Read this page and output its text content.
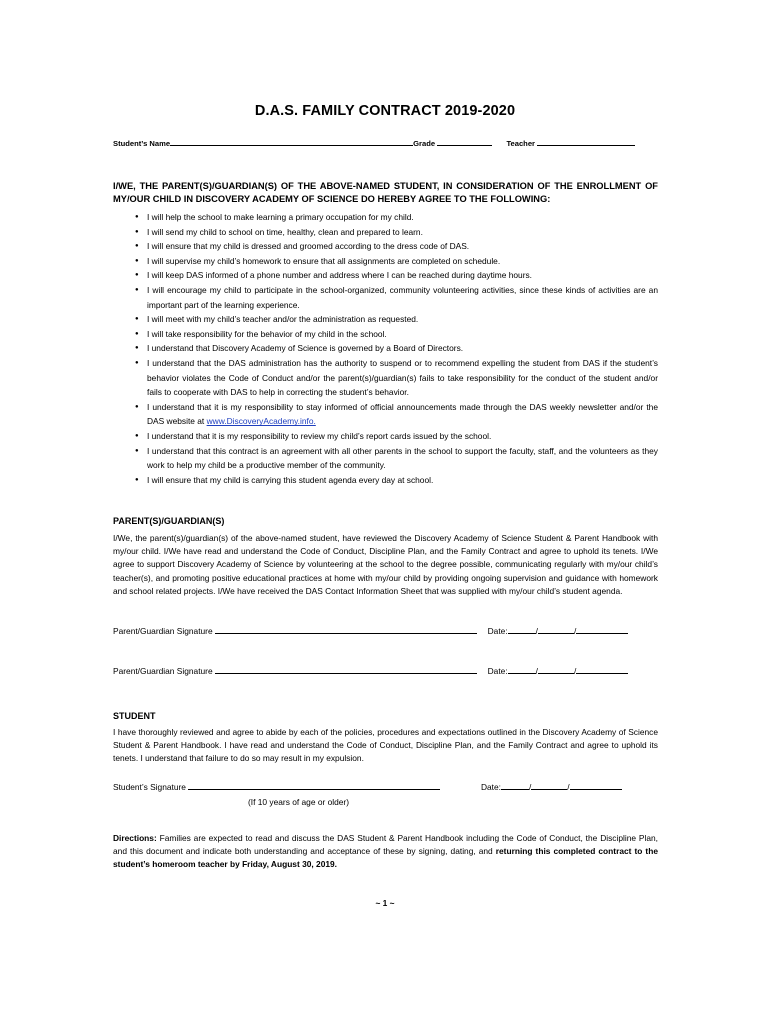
D.A.S. FAMILY CONTRACT 2019-2020
Student’s Name	Grade	Teacher
I/WE, THE PARENT(S)/GUARDIAN(S) OF THE ABOVE-NAMED STUDENT, IN CONSIDERATION OF THE ENROLLMENT OF MY/OUR CHILD IN DISCOVERY ACADEMY OF SCIENCE DO HEREBY AGREE TO THE FOLLOWING:
● I will help the school to make learning a primary occupation for my child.
● I will send my child to school on time, healthy, clean and prepared to learn.
● I will ensure that my child is dressed and groomed according to the dress code of DAS.
● I will supervise my child’s homework to ensure that all assignments are completed on schedule.
● I will keep DAS informed of a phone number and address where I can be reached during daytime hours.
● I will encourage my child to participate in the school-organized, community volunteering activities, since these kinds of activities are an important part of the learning experience.
● I will meet with my child’s teacher and/or the administration as requested.
● I will take responsibility for the behavior of my child in the school.
● I understand that Discovery Academy of Science is governed by a Board of Directors.
● I understand that the DAS administration has the authority to suspend or to recommend expelling the student from DAS if the student’s behavior violates the Code of Conduct and/or the parent(s)/guardian(s) fails to take responsibility for the conduct of the student and/or fails to cooperate with DAS to help in correcting the student’s behavior.
● I understand that it is my responsibility to stay informed of official announcements made through the DAS weekly newsletter and/or the DAS website at www.DiscoveryAcademy.info.
● I understand that it is my responsibility to review my child’s report cards issued by the school.
● I understand that this contract is an agreement with all other parents in the school to support the faculty, staff, and the volunteers as they work to help my child be a productive member of the community.
● I will ensure that my child is carrying this student agenda every day at school.
PARENT(S)/GUARDIAN(S)

I/We, the parent(s)/guardian(s) of the above-named student, have reviewed the Discovery Academy of Science Student & Parent Handbook with my/our child. I/We have read and understand the Code of Conduct, Discipline Plan, and the Family Contract and agree to uphold its tenets. I/We agree to support Discovery Academy of Science by volunteering at the school to the degree possible, communicating regularly with my/our child’s teacher(s), and promoting positive educational practices at home with my/our child by providing ongoing supervision and guidance with homework and school related projects. I/We have received the DAS Contact Information Sheet that was supplied with my/our child’s student agenda.

Parent/Guardian Signature	Date:	/	/
Parent/Guardian Signature	Date:	/	/
STUDENT

I have thoroughly reviewed and agree to abide by each of the policies, procedures and expectations outlined in the Discovery Academy of Science Student & Parent Handbook. I have read and understand the Code of Conduct, Discipline Plan, and the Family Contract and agree to uphold its tenets. I understand that failure to do so may result in my expulsion.

Student’s Signature	Date:	/	/
(If 10 years of age or older)

Directions: Families are expected to read and discuss the DAS Student & Parent Handbook including the Code of Conduct, the Discipline Plan, and this document and indicate both understanding and acceptance of these by signing, dating, and returning this completed contract to the student’s homeroom teacher by Friday, August 30, 2019.

~ 1 ~
